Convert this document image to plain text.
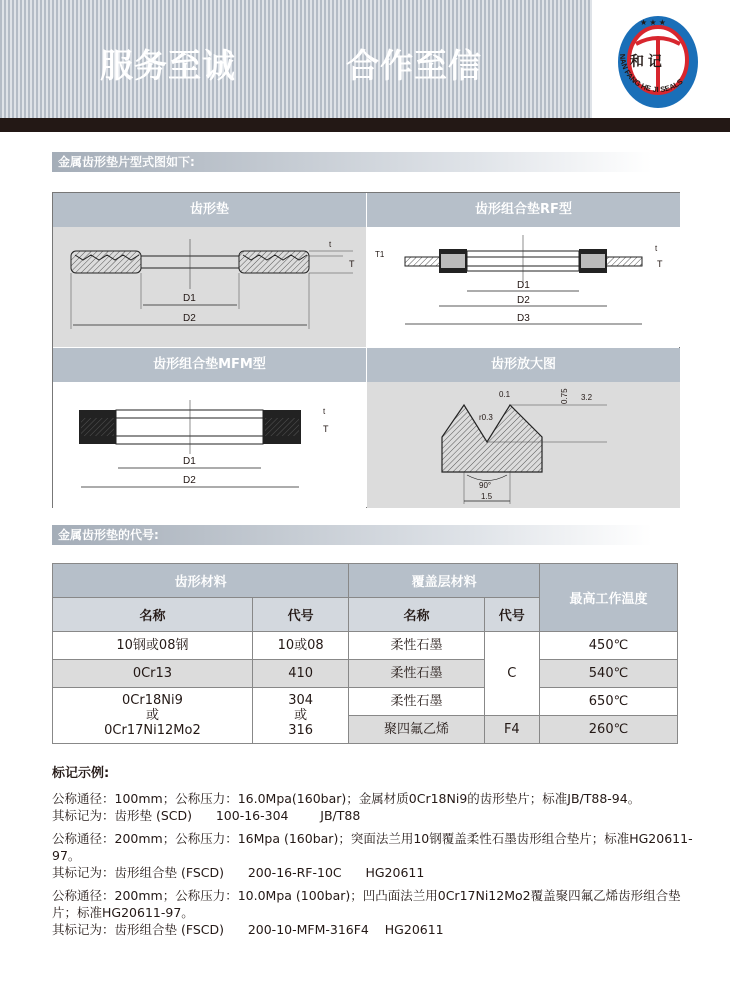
服务至诚	合作至信	和 记
NAN FANG HE JI SEALS
★ ★ ★
金属齿形垫片型式图如下:
齿形垫	齿形组合垫RF型
D1
D2
t
T
D1
D2
D3
T1
t
T
齿形组合垫MFM型	齿形放大图
D1
D2
t
T
0.1
r0.3
0.75 3.2
90°
1.5
金属齿形垫的代号:
齿形材料		覆盖层材料		最高工作温度
名称	代号	名称	代号	
10钢或08钢	10或08	柔性石墨	C	450℃
0Cr13	410	柔性石墨		540℃
0Cr18Ni9
或
0Cr17Ni12Mo2	304
或
316	柔性石墨		650℃
		聚四氟乙烯	F4	260℃
标记示例:

公称通径：100mm；公称压力：16.0Mpa(160bar)；金属材质0Cr18Ni9的齿形垫片；标准JB/T88-94。
其标记为：齿形垫 (SCD)      100-16-304        JB/T88

公称通径：200mm；公称压力：16Mpa (160bar)；突面法兰用10钢覆盖柔性石墨齿形组合垫片；标准HG20611-97。
其标记为：齿形组合垫 (FSCD)      200-16-RF-10C      HG20611

公称通径：200mm；公称压力：10.0Mpa (100bar)；凹凸面法兰用0Cr17Ni12Mo2覆盖聚四氟乙烯齿形组合垫片；标准HG20611-97。
其标记为：齿形组合垫 (FSCD)      200-10-MFM-316F4    HG20611
